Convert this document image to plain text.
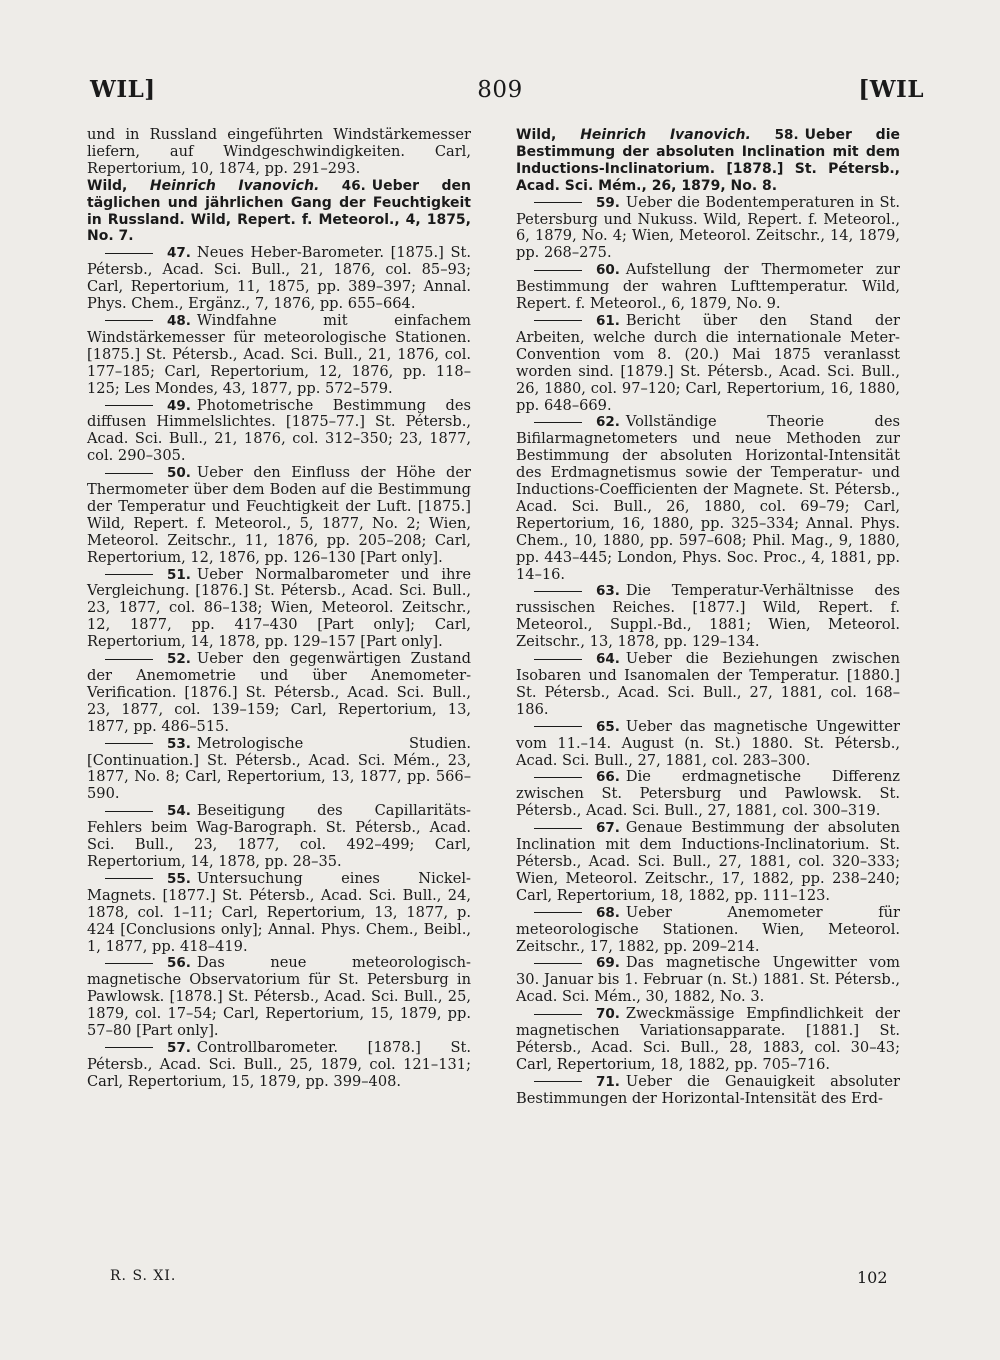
WIL]	809	[WIL

und in Russland eingeführten Windstärkemesser liefern, auf Windgeschwindigkeiten. Carl, Repertorium, 10, 1874, pp. 291–293.

Wild, Heinrich Ivanovich. 46. Ueber den täglichen und jährlichen Gang der Feuchtigkeit in Russland. Wild, Repert. f. Meteorol., 4, 1875, No. 7.

47. Neues Heber-Barometer. [1875.] St. Pétersb., Acad. Sci. Bull., 21, 1876, col. 85–93; Carl, Repertorium, 11, 1875, pp. 389–397; Annal. Phys. Chem., Ergänz., 7, 1876, pp. 655–664.

48. Windfahne mit einfachem Windstärkemesser für meteorologische Stationen. [1875.] St. Pétersb., Acad. Sci. Bull., 21, 1876, col. 177–185; Carl, Repertorium, 12, 1876, pp. 118–125; Les Mondes, 43, 1877, pp. 572–579.

49. Photometrische Bestimmung des diffusen Himmelslichtes. [1875–77.] St. Pétersb., Acad. Sci. Bull., 21, 1876, col. 312–350; 23, 1877, col. 290–305.

50. Ueber den Einfluss der Höhe der Thermometer über dem Boden auf die Bestimmung der Temperatur und Feuchtigkeit der Luft. [1875.] Wild, Repert. f. Meteorol., 5, 1877, No. 2; Wien, Meteorol. Zeitschr., 11, 1876, pp. 205–208; Carl, Repertorium, 12, 1876, pp. 126–130 [Part only].

51. Ueber Normalbarometer und ihre Vergleichung. [1876.] St. Pétersb., Acad. Sci. Bull., 23, 1877, col. 86–138; Wien, Meteorol. Zeitschr., 12, 1877, pp. 417–430 [Part only]; Carl, Repertorium, 14, 1878, pp. 129–157 [Part only].

52. Ueber den gegenwärtigen Zustand der Anemometrie und über Anemometer-Verification. [1876.] St. Pétersb., Acad. Sci. Bull., 23, 1877, col. 139–159; Carl, Repertorium, 13, 1877, pp. 486–515.

53. Metrologische Studien. [Continuation.] St. Pétersb., Acad. Sci. Mém., 23, 1877, No. 8; Carl, Repertorium, 13, 1877, pp. 566–590.

54. Beseitigung des Capillaritäts-Fehlers beim Wag-Barograph. St. Pétersb., Acad. Sci. Bull., 23, 1877, col. 492–499; Carl, Repertorium, 14, 1878, pp. 28–35.

55. Untersuchung eines Nickel-Magnets. [1877.] St. Pétersb., Acad. Sci. Bull., 24, 1878, col. 1–11; Carl, Repertorium, 13, 1877, p. 424 [Conclusions only]; Annal. Phys. Chem., Beibl., 1, 1877, pp. 418–419.

56. Das neue meteorologisch-magnetische Observatorium für St. Petersburg in Pawlowsk. [1878.] St. Pétersb., Acad. Sci. Bull., 25, 1879, col. 17–54; Carl, Repertorium, 15, 1879, pp. 57–80 [Part only].

57. Controllbarometer. [1878.] St. Pétersb., Acad. Sci. Bull., 25, 1879, col. 121–131; Carl, Repertorium, 15, 1879, pp. 399–408.

Wild, Heinrich Ivanovich. 58. Ueber die Bestimmung der absoluten Inclination mit dem Inductions-Inclinatorium. [1878.] St. Pétersb., Acad. Sci. Mém., 26, 1879, No. 8.

59. Ueber die Bodentemperaturen in St. Petersburg und Nukuss. Wild, Repert. f. Meteorol., 6, 1879, No. 4; Wien, Meteorol. Zeitschr., 14, 1879, pp. 268–275.

60. Aufstellung der Thermometer zur Bestimmung der wahren Lufttemperatur. Wild, Repert. f. Meteorol., 6, 1879, No. 9.

61. Bericht über den Stand der Arbeiten, welche durch die internationale Meter-Convention vom 8. (20.) Mai 1875 veranlasst worden sind. [1879.] St. Pétersb., Acad. Sci. Bull., 26, 1880, col. 97–120; Carl, Repertorium, 16, 1880, pp. 648–669.

62. Vollständige Theorie des Bifilarmagnetometers und neue Methoden zur Bestimmung der absoluten Horizontal-Intensität des Erdmagnetismus sowie der Temperatur- und Inductions-Coefficienten der Magnete. St. Pétersb., Acad. Sci. Bull., 26, 1880, col. 69–79; Carl, Repertorium, 16, 1880, pp. 325–334; Annal. Phys. Chem., 10, 1880, pp. 597–608; Phil. Mag., 9, 1880, pp. 443–445; London, Phys. Soc. Proc., 4, 1881, pp. 14–16.

63. Die Temperatur-Verhältnisse des russischen Reiches. [1877.] Wild, Repert. f. Meteorol., Suppl.-Bd., 1881; Wien, Meteorol. Zeitschr., 13, 1878, pp. 129–134.

64. Ueber die Beziehungen zwischen Isobaren und Isanomalen der Temperatur. [1880.] St. Pétersb., Acad. Sci. Bull., 27, 1881, col. 168–186.

65. Ueber das magnetische Ungewitter vom 11.–14. August (n. St.) 1880. St. Pétersb., Acad. Sci. Bull., 27, 1881, col. 283–300.

66. Die erdmagnetische Differenz zwischen St. Petersburg und Pawlowsk. St. Pétersb., Acad. Sci. Bull., 27, 1881, col. 300–319.

67. Genaue Bestimmung der absoluten Inclination mit dem Inductions-Inclinatorium. St. Pétersb., Acad. Sci. Bull., 27, 1881, col. 320–333; Wien, Meteorol. Zeitschr., 17, 1882, pp. 238–240; Carl, Repertorium, 18, 1882, pp. 111–123.

68. Ueber Anemometer für meteorologische Stationen. Wien, Meteorol. Zeitschr., 17, 1882, pp. 209–214.

69. Das magnetische Ungewitter vom 30. Januar bis 1. Februar (n. St.) 1881. St. Pétersb., Acad. Sci. Mém., 30, 1882, No. 3.

70. Zweckmässige Empfindlichkeit der magnetischen Variationsapparate. [1881.] St. Pétersb., Acad. Sci. Bull., 28, 1883, col. 30–43; Carl, Repertorium, 18, 1882, pp. 705–716.

71. Ueber die Genauigkeit absoluter Bestimmungen der Horizontal-Intensität des Erd-

R. S. XI.	102
